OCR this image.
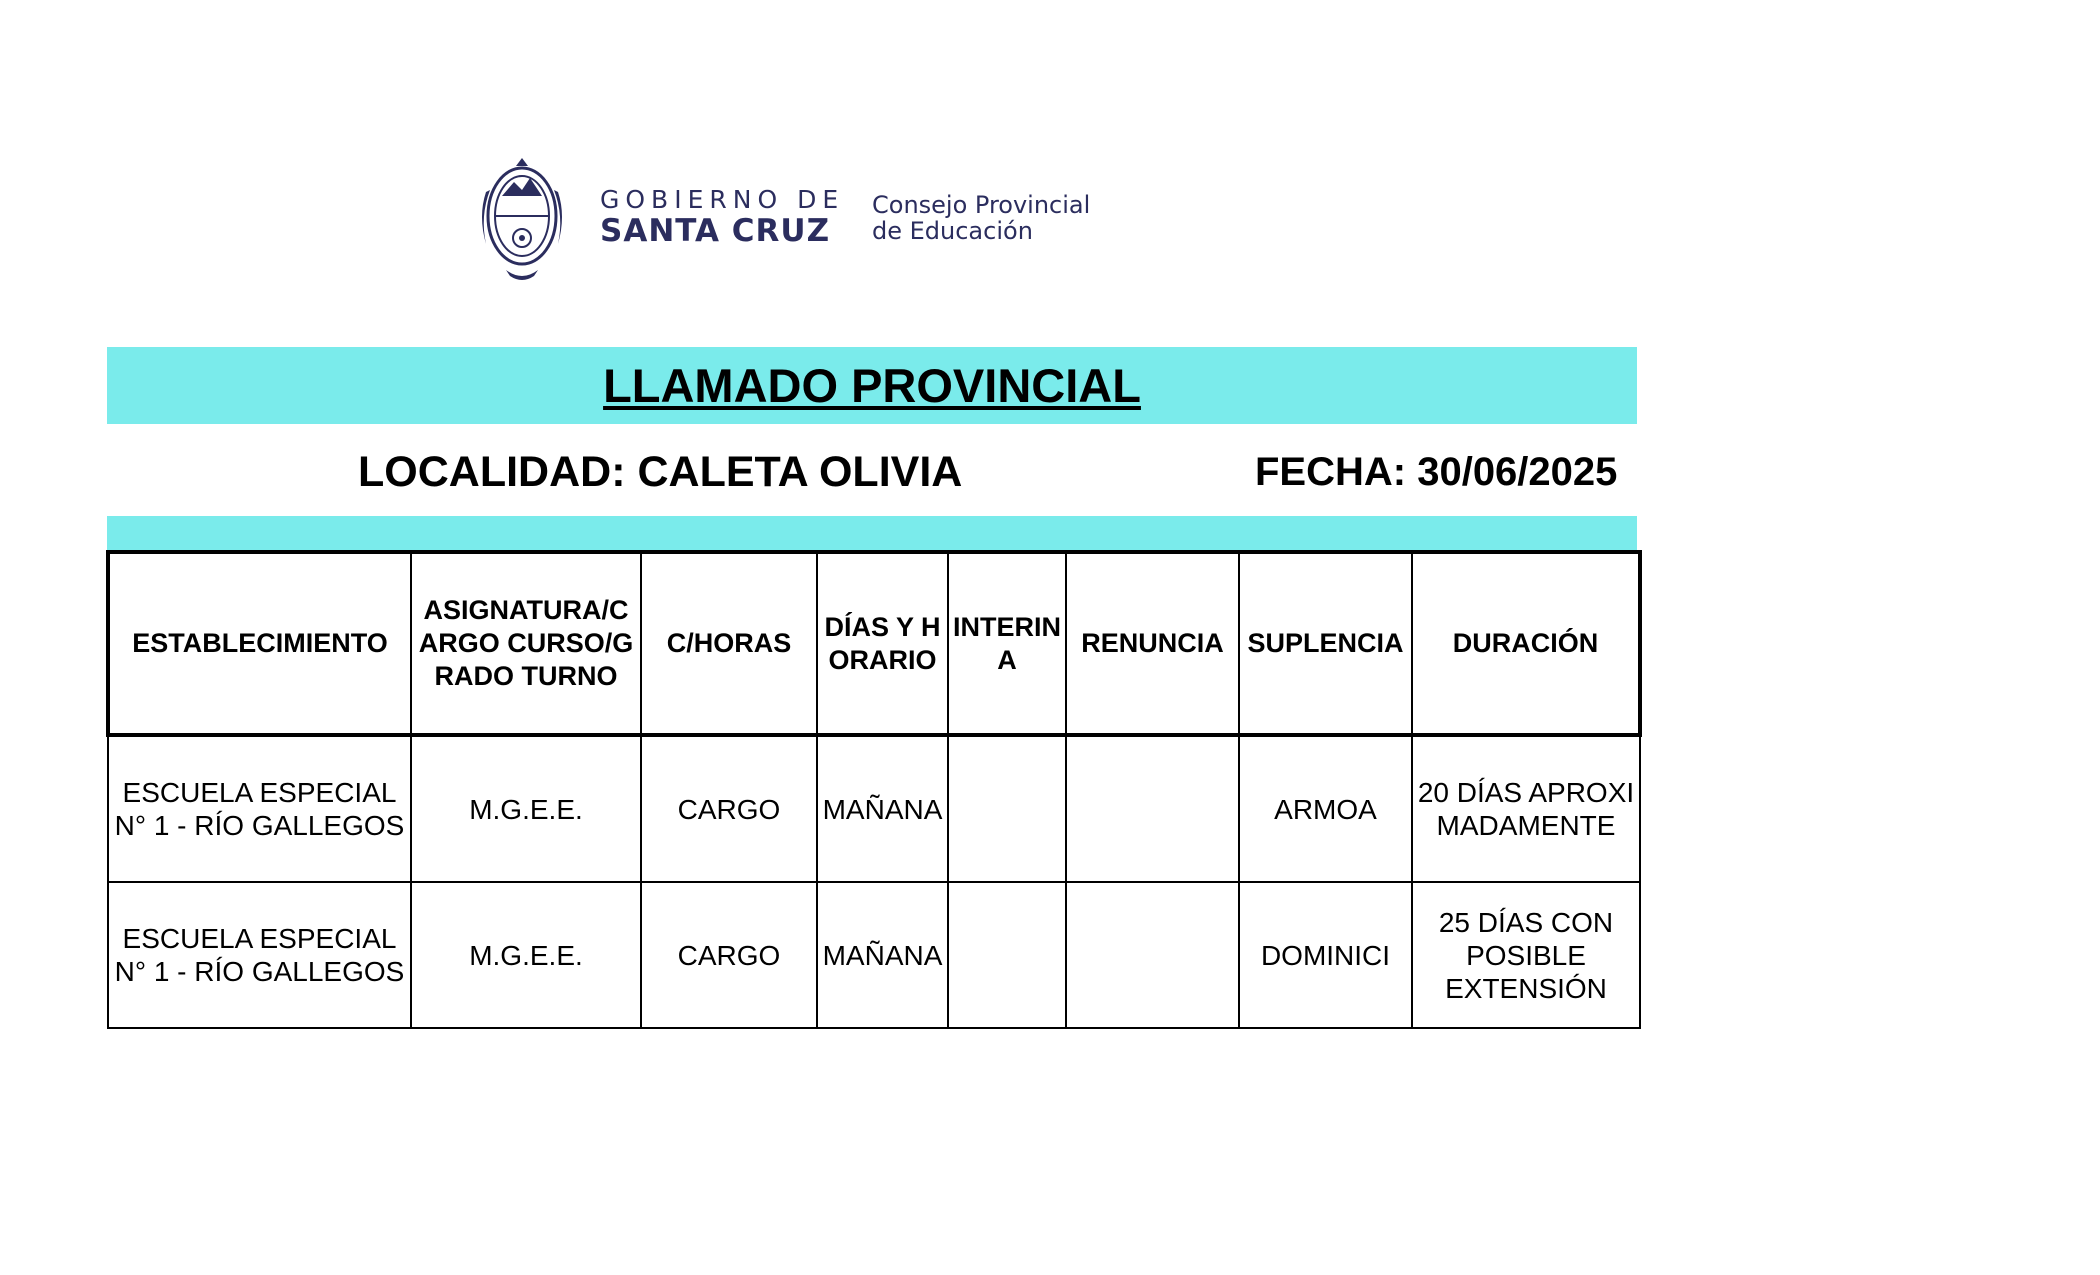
GOBIERNO DE
SANTA CRUZ
Consejo Provincial
de Educación
LLAMADO PROVINCIAL
LOCALIDAD: CALETA OLIVIA	FECHA: 30/06/2025
ESTABLECIMIENTO	ASIGNATURA/CARGO CURSO/GRADO TURNO	C/HORAS	DÍAS Y HORARIO	INTERINA	RENUNCIA	SUPLENCIA	DURACIÓN
ESCUELA ESPECIAL N° 1 - RÍO GALLEGOS	M.G.E.E.	CARGO	MAÑANA			ARMOA	20 DÍAS APROXIMADAMENTE
ESCUELA ESPECIAL N° 1 - RÍO GALLEGOS	M.G.E.E.	CARGO	MAÑANA			DOMINICI	25 DÍAS CON POSIBLE EXTENSIÓN
